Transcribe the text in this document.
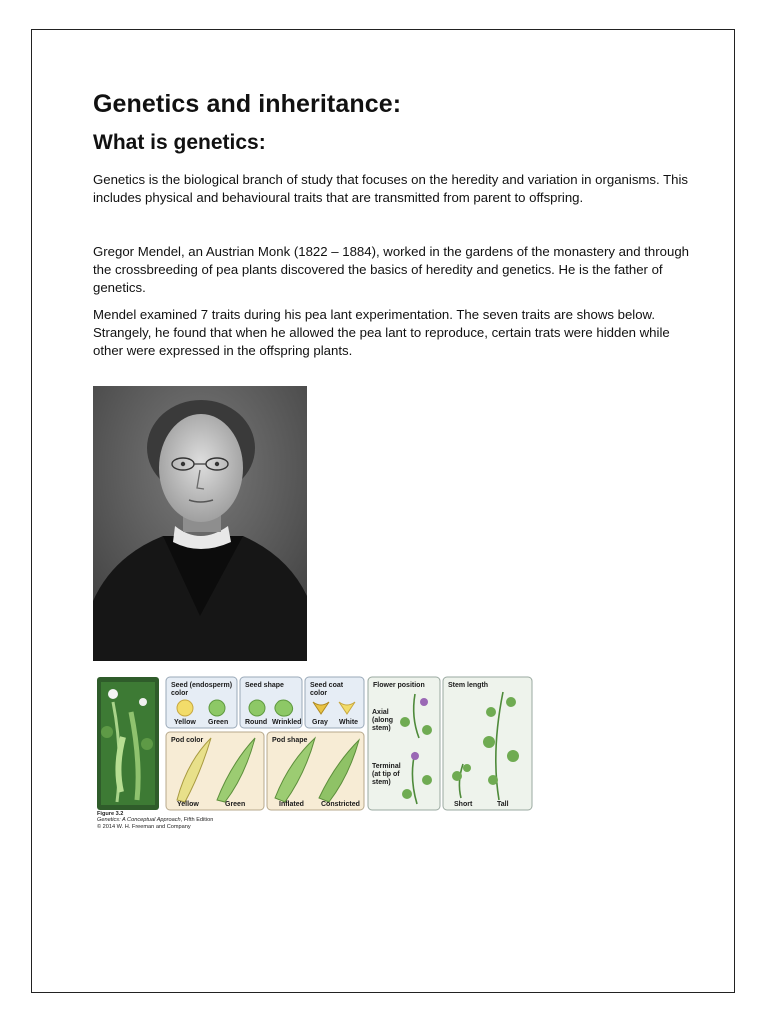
Genetics and inheritance:
What is genetics:

Genetics is the biological branch of study that focuses on the heredity and variation in organisms. This includes physical and behavioural traits that are transmitted from parent to offspring.

Gregor Mendel, an Austrian Monk (1822 – 1884), worked in the gardens of the monastery and through the crossbreeding of pea plants discovered the basics of heredity and genetics. He is the father of genetics.

Mendel examined 7 traits during his pea lant experimentation. The seven traits are shows below. Strangely, he found that when he allowed the pea lant to reproduce, certain trats were hidden while other were expressed in the offspring plants.

Seed (endosperm)
color
Yellow Green
Seed shape
Round Wrinkled
Seed coat
color
Gray White
Pod color
Yellow	Green
Pod shape
Inflated Constricted
Flower position
Axial
(along
stem)
Terminal
(at tip of
stem)
Stem length
Short	Tall
Figure 3.2
Genetics: A Conceptual Approach, Fifth Edition
© 2014 W. H. Freeman and Company
